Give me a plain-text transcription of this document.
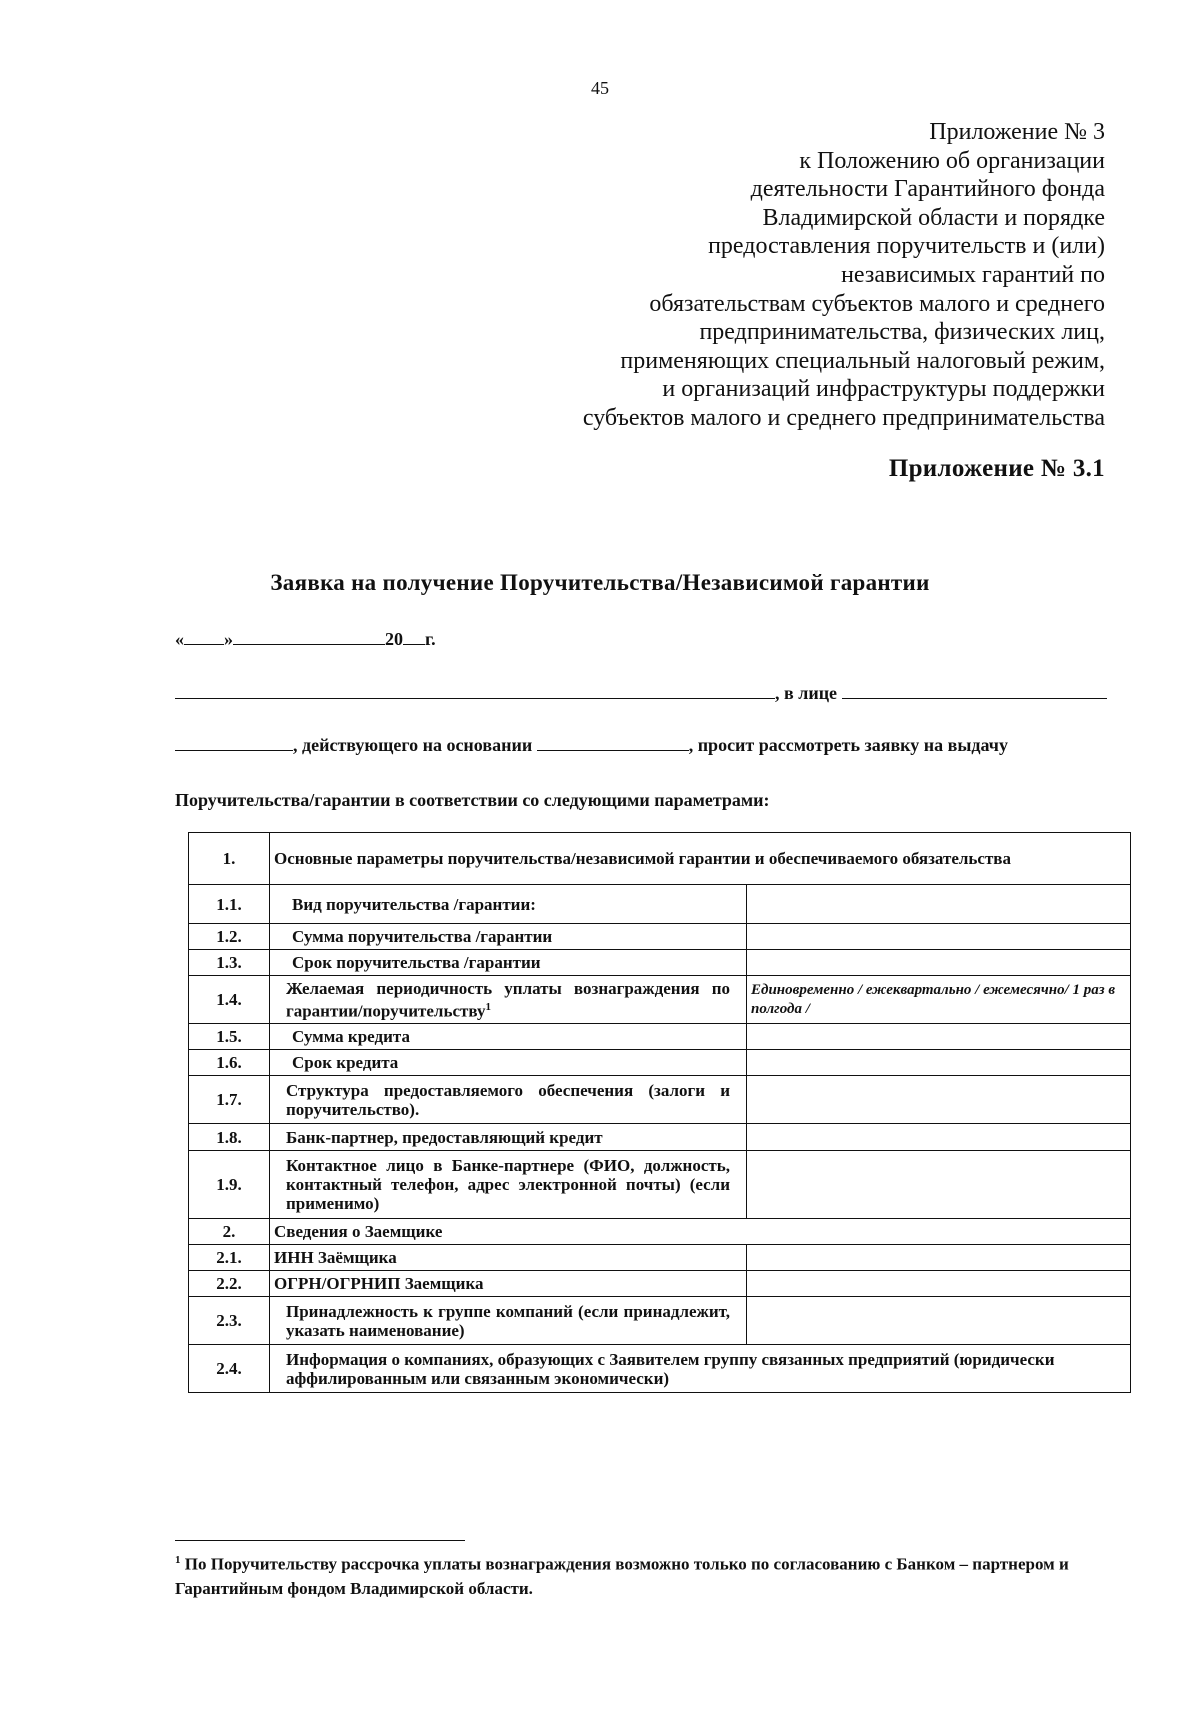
45
Приложение № 3
к Положению об организации
деятельности Гарантийного фонда
Владимирской области и порядке
предоставления поручительств и (или)
независимых гарантий по
обязательствам субъектов малого и среднего
предпринимательства, физических лиц,
применяющих специальный налоговый режим,
и организаций инфраструктуры поддержки
субъектов малого и среднего предпринимательства
Приложение № 3.1
Заявка на получение Поручительства/Независимой гарантии
« »	20 г.
, в лице
, действующего на основании	, просит рассмотреть заявку на выдачу
Поручительства/гарантии в соответствии со следующими параметрами:
1.	Основные параметры поручительства/независимой гарантии и обеспечиваемого обязательства	
1.1.	Вид поручительства /гарантии:	
1.2.	Сумма поручительства /гарантии	
1.3.	Срок поручительства /гарантии	
1.4.	Желаемая периодичность уплаты вознаграждения по гарантии/поручительству$^1$	Единовременно / ежеквартально / ежемесячно/ 1 раз в полгода /
1.5.	Сумма кредита	
1.6.	Срок кредита	
1.7.	Структура предоставляемого обеспечения (залоги и поручительство).	
1.8.	Банк-партнер, предоставляющий кредит	
1.9.	Контактное лицо в Банке-партнере (ФИО, должность, контактный телефон, адрес электронной почты) (если применимо)	
2.	Сведения о Заемщике	
2.1.	ИНН Заёмщика	
2.2.	ОГРН/ОГРНИП Заемщика	
2.3.	Принадлежность к группе компаний (если принадлежит, указать наименование)	
2.4.	Информация о компаниях, образующих с Заявителем группу связанных предприятий (юридически аффилированным или связанным экономически)	
$^1$ По Поручительству рассрочка уплаты вознаграждения возможно только по согласованию с Банком – партнером и Гарантийным фондом Владимирской области.
